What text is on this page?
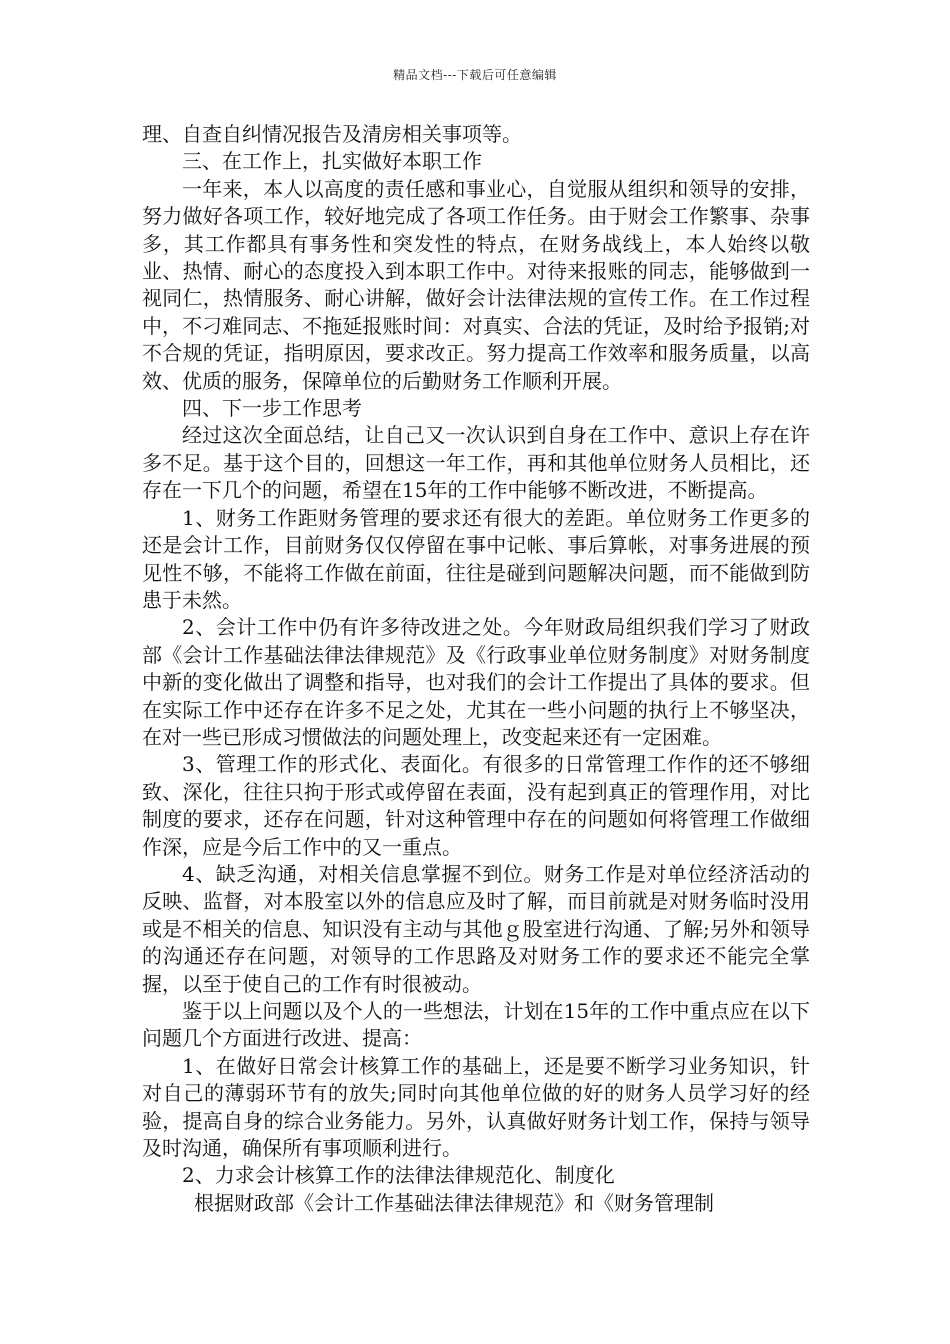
精品文档---下载后可任意编辑

理、自查自纠情况报告及清房相关事项等。

三、在工作上，扎实做好本职工作

一年来，本人以高度的责任感和事业心，自觉服从组织和领导的安排，努力做好各项工作，较好地完成了各项工作任务。由于财会工作繁事、杂事多，其工作都具有事务性和突发性的特点，在财务战线上，本人始终以敬业、热情、耐心的态度投入到本职工作中。对待来报账的同志，能够做到一视同仁，热情服务、耐心讲解，做好会计法律法规的宣传工作。在工作过程中，不刁难同志、不拖延报账时间：对真实、合法的凭证，及时给予报销;对不合规的凭证，指明原因，要求改正。努力提高工作效率和服务质量，以高效、优质的服务，保障单位的后勤财务工作顺利开展。

四、下一步工作思考

经过这次全面总结，让自己又一次认识到自身在工作中、意识上存在许多不足。基于这个目的，回想这一年工作，再和其他单位财务人员相比，还存在一下几个的问题，希望在15年的工作中能够不断改进，不断提高。

1、财务工作距财务管理的要求还有很大的差距。单位财务工作更多的还是会计工作，目前财务仅仅停留在事中记帐、事后算帐，对事务进展的预见性不够，不能将工作做在前面，往往是碰到问题解决问题，而不能做到防患于未然。

2、会计工作中仍有许多待改进之处。今年财政局组织我们学习了财政部《会计工作基础法律法律规范》及《行政事业单位财务制度》对财务制度中新的变化做出了调整和指导，也对我们的会计工作提出了具体的要求。但在实际工作中还存在许多不足之处，尤其在一些小问题的执行上不够坚决，在对一些已形成习惯做法的问题处理上，改变起来还有一定困难。

3、管理工作的形式化、表面化。有很多的日常管理工作作的还不够细致、深化，往往只拘于形式或停留在表面，没有起到真正的管理作用，对比制度的要求，还存在问题，针对这种管理中存在的问题如何将管理工作做细作深，应是今后工作中的又一重点。

4、缺乏沟通，对相关信息掌握不到位。财务工作是对单位经济活动的反映、监督，对本股室以外的信息应及时了解，而目前就是对财务临时没用或是不相关的信息、知识没有主动与其他ｇ股室进行沟通、了解;另外和领导的沟通还存在问题，对领导的工作思路及对财务工作的要求还不能完全掌握，以至于使自己的工作有时很被动。

鉴于以上问题以及个人的一些想法，计划在15年的工作中重点应在以下问题几个方面进行改进、提高：

1、在做好日常会计核算工作的基础上，还是要不断学习业务知识，针对自己的薄弱环节有的放失;同时向其他单位做的好的财务人员学习好的经验，提高自身的综合业务能力。另外，认真做好财务计划工作，保持与领导及时沟通，确保所有事项顺利进行。

2、力求会计核算工作的法律法律规范化、制度化

根据财政部《会计工作基础法律法律规范》和《财务管理制
